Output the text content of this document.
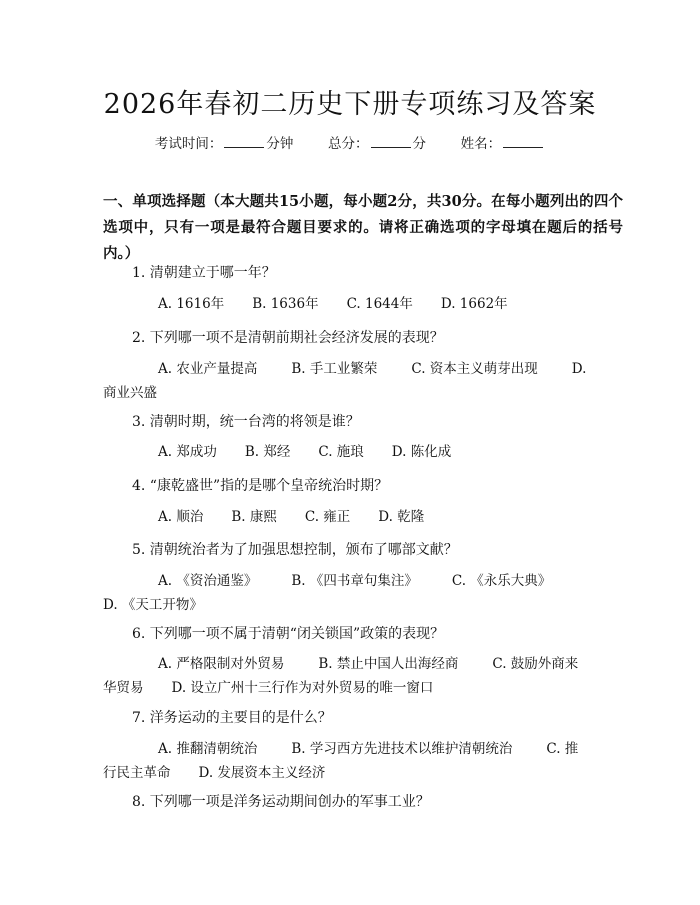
2026年春初二历史下册专项练习及答案
考试时间：	分钟	总分：	分	姓名：
一、单项选择题（本大题共15小题，每小题2分，共30分。在每小题列出的四个选项中，只有一项是最符合题目要求的。请将正确选项的字母填在题后的括号内。）
1. 清朝建立于哪一年？
A. 1616年 B. 1636年 C. 1644年 D. 1662年
2. 下列哪一项不是清朝前期社会经济发展的表现？
A. 农业产量提高	B. 手工业繁荣	C. 资本主义萌芽出现	D.
商业兴盛
3. 清朝时期，统一台湾的将领是谁？
A. 郑成功 B. 郑经 C. 施琅 D. 陈化成
4. “康乾盛世”指的是哪个皇帝统治时期？
A. 顺治 B. 康熙 C. 雍正 D. 乾隆
5. 清朝统治者为了加强思想控制，颁布了哪部文献？
A. 《资治通鉴》	B. 《四书章句集注》	C. 《永乐大典》
D. 《天工开物》
6. 下列哪一项不属于清朝“闭关锁国”政策的表现？
A. 严格限制对外贸易	B. 禁止中国人出海经商	C. 鼓励外商来
华贸易 D. 设立广州十三行作为对外贸易的唯一窗口
7. 洋务运动的主要目的是什么？
A. 推翻清朝统治	B. 学习西方先进技术以维护清朝统治	C. 推
行民主革命 D. 发展资本主义经济
8. 下列哪一项是洋务运动期间创办的军事工业？
